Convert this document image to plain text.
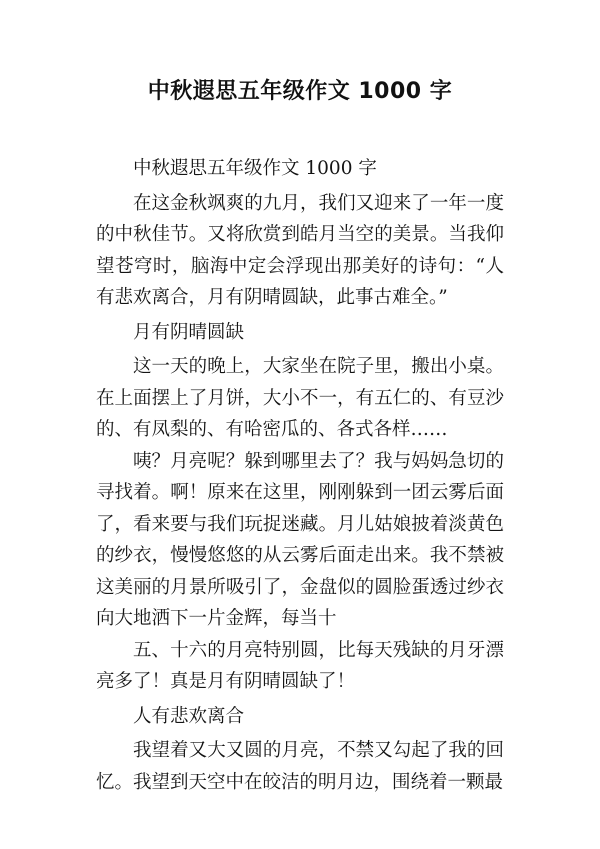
中秋遐思五年级作文 1000 字

中秋遐思五年级作文 1000 字

在这金秋飒爽的九月，我们又迎来了一年一度的中秋佳节。又将欣赏到皓月当空的美景。当我仰望苍穹时，脑海中定会浮现出那美好的诗句：“人有悲欢离合，月有阴晴圆缺，此事古难全。”

月有阴晴圆缺

这一天的晚上，大家坐在院子里，搬出小桌。在上面摆上了月饼，大小不一，有五仁的、有豆沙的、有凤梨的、有哈密瓜的、各式各样……

咦？月亮呢？躲到哪里去了？我与妈妈急切的寻找着。啊！原来在这里，刚刚躲到一团云雾后面了，看来要与我们玩捉迷藏。月儿姑娘披着淡黄色的纱衣，慢慢悠悠的从云雾后面走出来。我不禁被这美丽的月景所吸引了，金盘似的圆脸蛋透过纱衣向大地洒下一片金辉，每当十

五、十六的月亮特别圆，比每天残缺的月牙漂亮多了！真是月有阴晴圆缺了！

人有悲欢离合

我望着又大又圆的月亮，不禁又勾起了我的回忆。我望到天空中在皎洁的明月边，围绕着一颗最
